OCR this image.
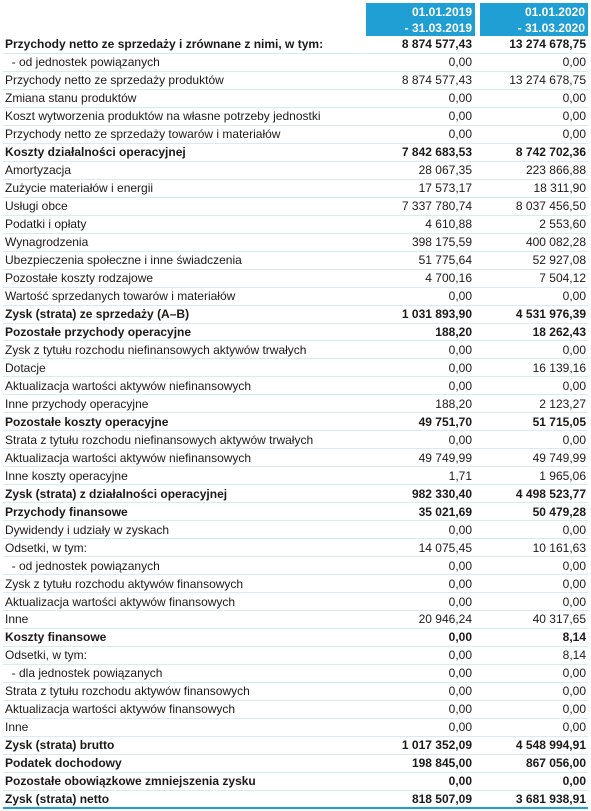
01.01.2019
- 31.03.2019
01.01.2020
- 31.03.2020
Przychody netto ze sprzedaży i zrównane z nimi, w tym:	8 874 577,43	13 274 678,75
- od jednostek powiązanych	0,00	0,00
Przychody netto ze sprzedaży produktów	8 874 577,43	13 274 678,75
Zmiana stanu produktów	0,00	0,00
Koszt wytworzenia produktów na własne potrzeby jednostki	0,00	0,00
Przychody netto ze sprzedaży towarów i materiałów	0,00	0,00
Koszty działalności operacyjnej	7 842 683,53	8 742 702,36
Amortyzacja	28 067,35	223 866,88
Zużycie materiałów i energii	17 573,17	18 311,90
Usługi obce	7 337 780,74	8 037 456,50
Podatki i opłaty	4 610,88	2 553,60
Wynagrodzenia	398 175,59	400 082,28
Ubezpieczenia społeczne i inne świadczenia	51 775,64	52 927,08
Pozostałe koszty rodzajowe	4 700,16	7 504,12
Wartość sprzedanych towarów i materiałów	0,00	0,00
Zysk (strata) ze sprzedaży (A–B)	1 031 893,90	4 531 976,39
Pozostałe przychody operacyjne	188,20	18 262,43
Zysk z tytułu rozchodu niefinansowych aktywów trwałych	0,00	0,00
Dotacje	0,00	16 139,16
Aktualizacja wartości aktywów niefinansowych	0,00	0,00
Inne przychody operacyjne	188,20	2 123,27
Pozostałe koszty operacyjne	49 751,70	51 715,05
Strata z tytułu rozchodu niefinansowych aktywów trwałych	0,00	0,00
Aktualizacja wartości aktywów niefinansowych	49 749,99	49 749,99
Inne koszty operacyjne	1,71	1 965,06
Zysk (strata) z działalności operacyjnej	982 330,40	4 498 523,77
Przychody finansowe	35 021,69	50 479,28
Dywidendy i udziały w zyskach	0,00	0,00
Odsetki, w tym:	14 075,45	10 161,63
- od jednostek powiązanych	0,00	0,00
Zysk z tytułu rozchodu aktywów finansowych	0,00	0,00
Aktualizacja wartości aktywów finansowych	0,00	0,00
Inne	20 946,24	40 317,65
Koszty finansowe	0,00	8,14
Odsetki, w tym:	0,00	8,14
- dla jednostek powiązanych	0,00	0,00
Strata z tytułu rozchodu aktywów finansowych	0,00	0,00
Aktualizacja wartości aktywów finansowych	0,00	0,00
Inne	0,00	0,00
Zysk (strata) brutto	1 017 352,09	4 548 994,91
Podatek dochodowy	198 845,00	867 056,00
Pozostałe obowiązkowe zmniejszenia zysku	0,00	0,00
Zysk (strata) netto	818 507,09	3 681 938,91
